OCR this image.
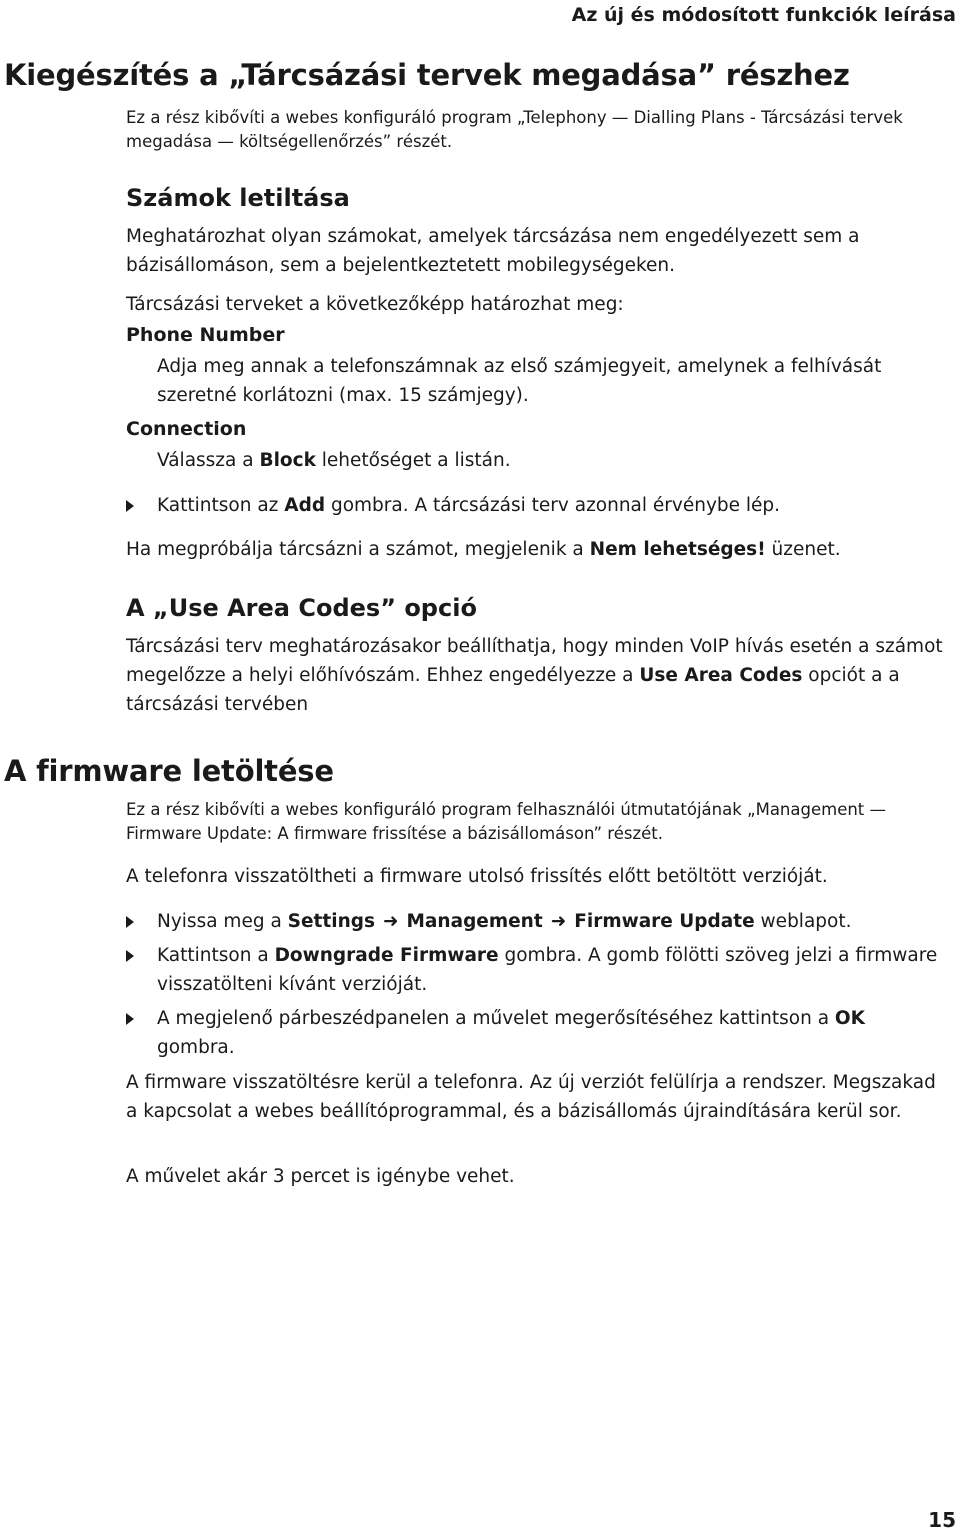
Az új és módosított funkciók leírása
Kiegészítés a „Tárcsázási tervek megadása” részhez
Ez a rész kibővíti a webes konfiguráló program „Telephony — Dialling Plans - Tárcsázási tervek
megadása — költségellenőrzés” részét.
Számok letiltása
Meghatározhat olyan számokat, amelyek tárcsázása nem engedélyezett sem a bázisállomáson, sem a bejelentkeztetett mobilegységeken.
Tárcsázási terveket a következőképp határozhat meg:
Phone Number
Adja meg annak a telefonszámnak az első számjegyeit, amelynek a felhívását szeretné korlátozni (max. 15 számjegy).
Connection
Válassza a Block lehetőséget a listán.
Kattintson az Add gombra. A tárcsázási terv azonnal érvénybe lép.
Ha megpróbálja tárcsázni a számot, megjelenik a Nem lehetséges! üzenet.
A „Use Area Codes” opció
Tárcsázási terv meghatározásakor beállíthatja, hogy minden VoIP hívás esetén a számot megelőzze a helyi előhívószám. Ehhez engedélyezze a Use Area Codes opciót a a tárcsázási tervében
A firmware letöltése
Ez a rész kibővíti a webes konfiguráló program felhasználói útmutatójának „Management —
Firmware Update: A firmware frissítése a bázisállomáson” részét.
A telefonra visszatöltheti a firmware utolsó frissítés előtt betöltött verzióját.
Nyissa meg a Settings ➜ Management ➜ Firmware Update weblapot.
Kattintson a Downgrade Firmware gombra. A gomb fölötti szöveg jelzi a firmware visszatölteni kívánt verzióját.
A megjelenő párbeszédpanelen a művelet megerősítéséhez kattintson a OK gombra.
A firmware visszatöltésre kerül a telefonra. Az új verziót felülírja a rendszer. Megszakad a kapcsolat a webes beállítóprogrammal, és a bázisállomás újraindítására kerül sor.
A művelet akár 3 percet is igénybe vehet.
15
